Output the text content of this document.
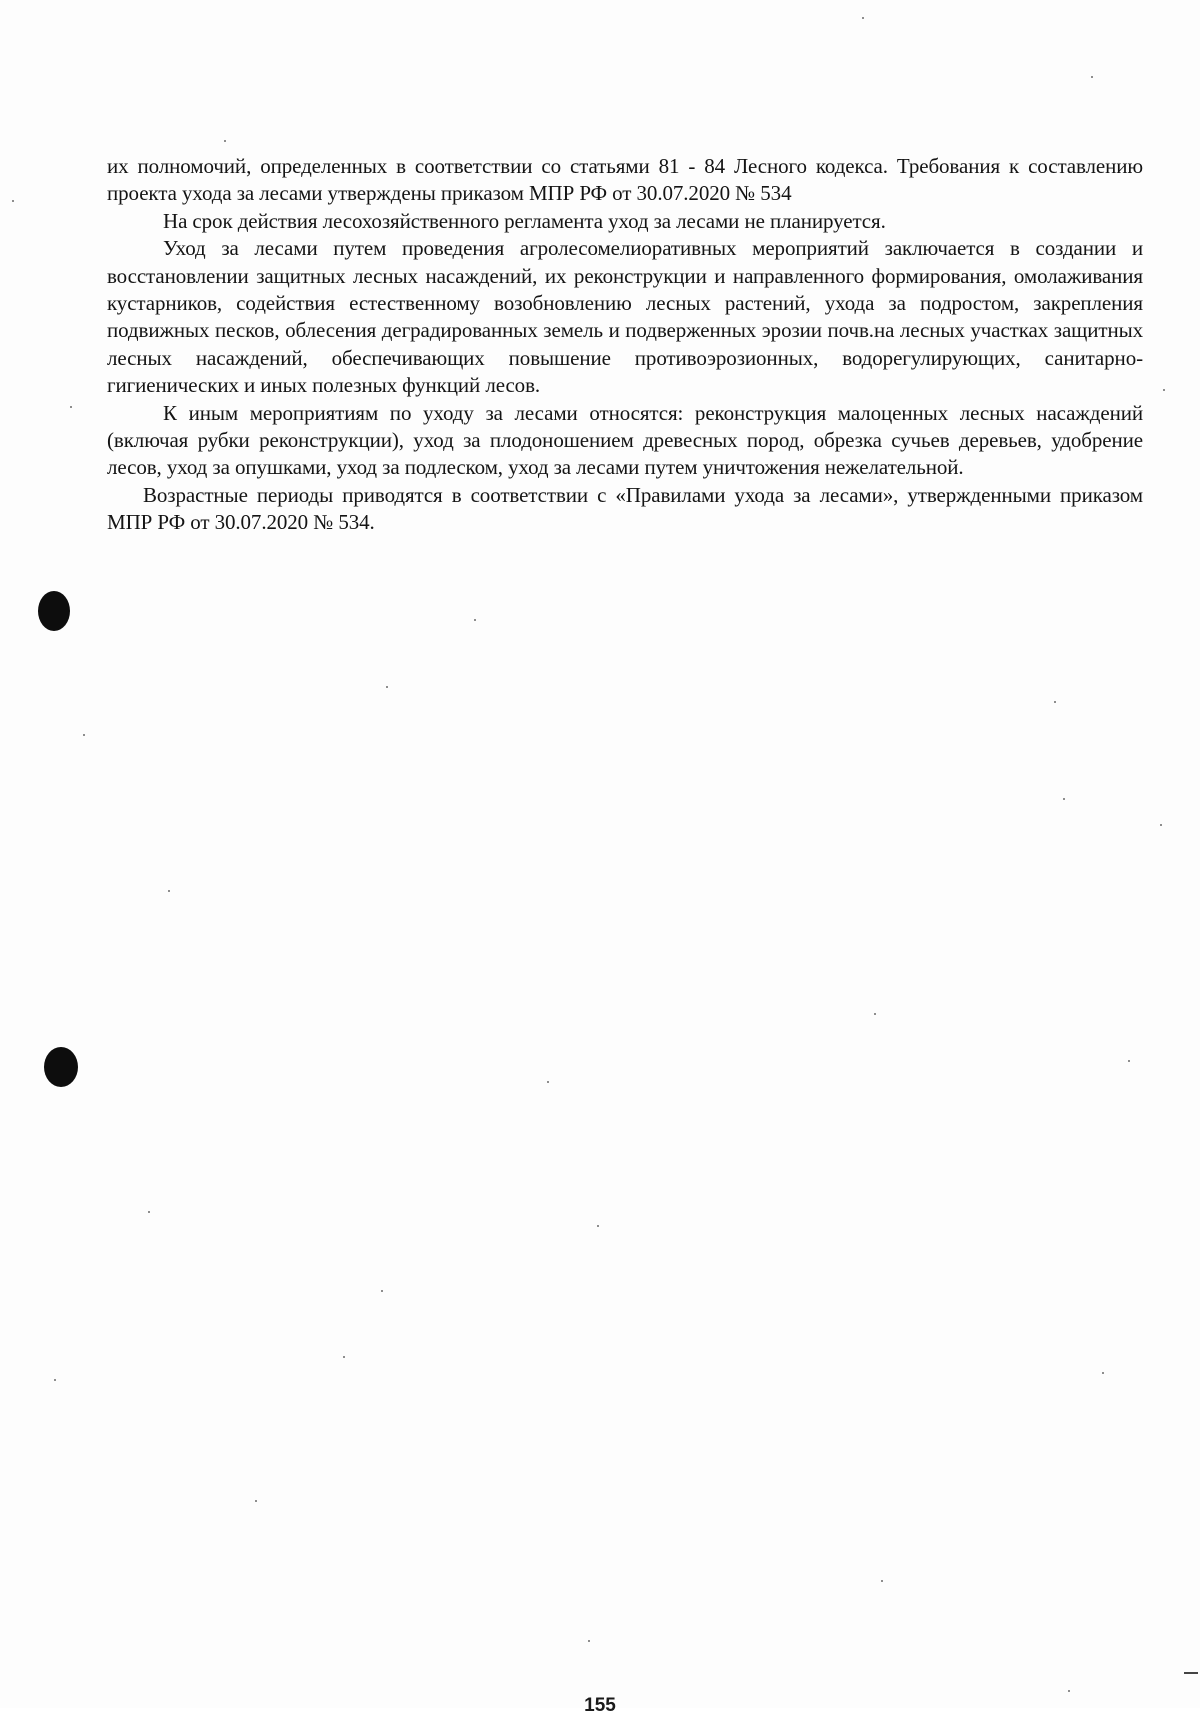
их полномочий, определенных в соответствии со статьями 81 - 84 Лесного кодекса. Требования к составлению проекта ухода за лесами утверждены приказом МПР РФ от 30.07.2020 № 534

На срок действия лесохозяйственного регламента уход за лесами не планируется.

Уход за лесами путем проведения агролесомелиоративных мероприятий заключается в создании и восстановлении защитных лесных насаждений, их реконструкции и направленного формирования, омолаживания кустарников, содействия естественному возобновлению лесных растений, ухода за подростом, закрепления подвижных песков, облесения деградированных земель и подверженных эрозии почв.на лесных участках защитных лесных насаждений, обеспечивающих повышение противоэрозионных, водорегулирующих, санитарно-гигиенических и иных полезных функций лесов.

К иным мероприятиям по уходу за лесами относятся: реконструкция малоценных лесных насаждений (включая рубки реконструкции), уход за плодоношением древесных пород, обрезка сучьев деревьев, удобрение лесов, уход за опушками, уход за подлеском, уход за лесами путем уничтожения нежелательной.

Возрастные периоды приводятся в соответствии с «Правилами ухода за лесами», утвержденными приказом МПР РФ от 30.07.2020 № 534.

155
